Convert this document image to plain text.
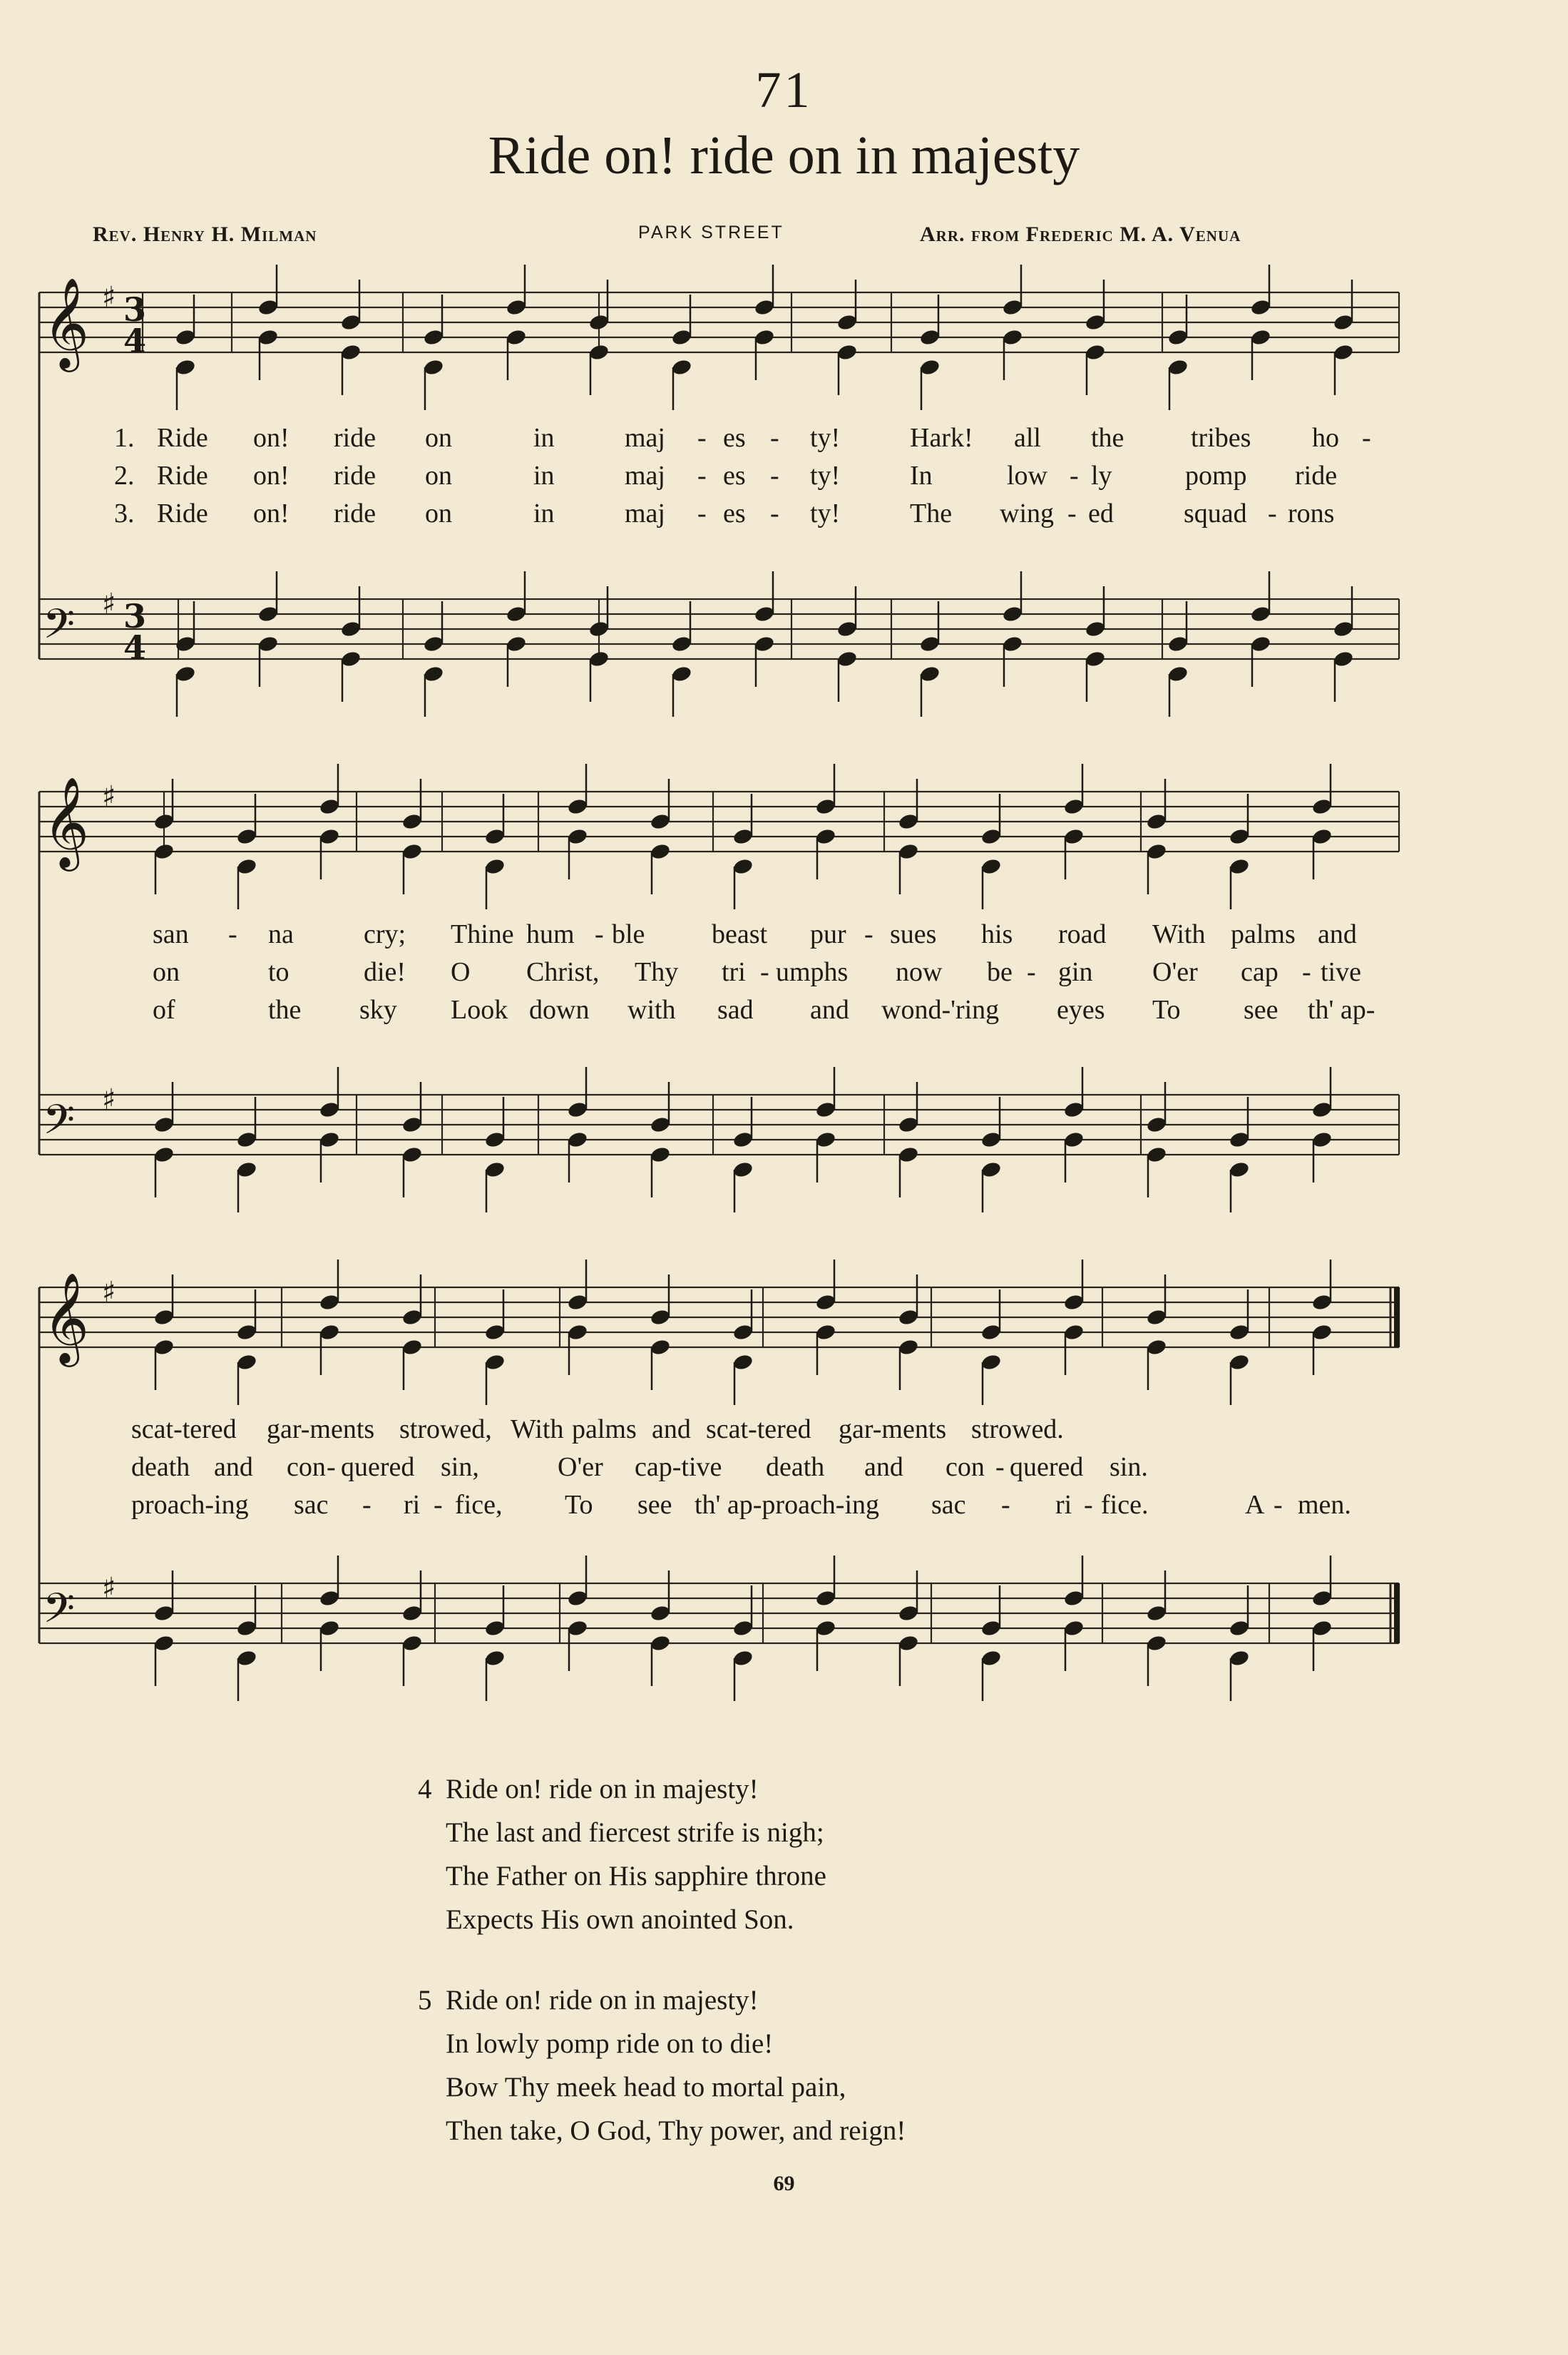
71
Ride on! ride on in majesty
Rev. Henry H. Milman	PARK STREET	Arr. from Frederic M. A. Venua
𝄞 ♯ 3
4
𝄢 ♯ 3
4
𝄞 ♯
𝄢 ♯
𝄞 ♯
𝄢 ♯
1. Ride on! ride on	in	maj - es - ty!	Hark! all the tribes ho -
2. Ride on! ride on	in	maj - es - ty!	In	low - ly	pomp ride
3. Ride on! ride on	in	maj - es - ty!	The wing - ed	squad - rons
san - na	cry; Thine hum - ble beast pur - sues his road With palms and
on	to	die! O Christ, Thy tri - umphs now be - gin O'er cap - tive
of	the sky Look down with sad and wond-'ring eyes To see th' ap-
scat-tered gar-ments strowed, With palms and scat-tered gar-ments strowed.
death and con - quered sin,	O'er cap-tive death and con - quered sin.
proach-ing sac - ri - fice, To see th' ap-proach-ing sac - ri - fice.	A - men.
4 Ride on! ride on in majesty!
The last and fiercest strife is nigh;
The Father on His sapphire throne
Expects His own anointed Son.
5 Ride on! ride on in majesty!
In lowly pomp ride on to die!
Bow Thy meek head to mortal pain,
Then take, O God, Thy power, and reign!
69
